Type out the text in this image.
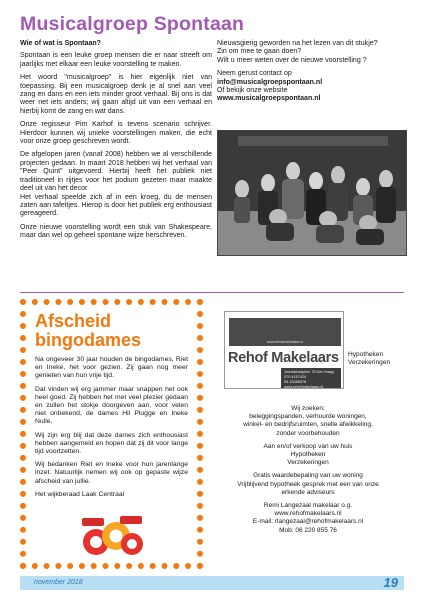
Musicalgroep Spontaan

Wie of wat is Spontaan?

Spontaan is een leuke groep mensen die er naar streeft om jaarlijks met elkaar een leuke voorstelling te maken.

Het woord "musicalgroep" is hier eigenlijk niet van toepassing. Bij een musicalgroep denk je al snel aan veel zang en dans en een iets minder groot verhaal. Bij ons is dat weer net iets anders; wij gaan altijd uit van een verhaal en hierbij komt de zang en wat dans.

Onze regisseur Pim Karhof is tevens scenario schrijver. Hierdoor kunnen wij unieke voorstellingen maken, die echt voor onze groep geschreven wordt.

De afgelopen jaren (vanaf 2008) hebben we al verschillende projecten gedaan. In maart 2018 hebben wij het verhaal van "Peer Quint" uitgevoerd. Hierbij heeft het publiek niet traditioneel in rijtjes voor het podium gezeten maar maakte deel uit van het decor.
Het verhaal speelde zich af in een kroeg, du de mensen zaten aan tafeltjes. Hierop is door het publiek erg enthousiast gereageerd.

Onze nieuwe voorstelling wordt een stuk van Shakespeare, maar dan wel op geheel spontane wijze herschreven.

Nieuwsgierig geworden na het lezen van dit stukje?
Zin om mee te gaan doen?
Wilt u meer weten over de nieuwe voorstelling ?

Neem gerust contact op
info@musicalgroepspontaan.nl
Of bekijk onze website
www.musicalgroepspontaan.nl
Afscheid
bingodames

Na ongeveer 30 jaar houden de bingodames, Riet en Ineke, het voor gezien. Zij gaan nog meer genieten van hun vrije tijd.

Dat vinden wij erg jammer maar snappen het ook heel goed. Zij hebben het met veel plezier gedaan en zullen het stokje doorgeven aan, voor velen niet onbekend, de dames Hil Plugge en Ineke Nulle.

Wij zijn erg blij dat deze dames zich enthousiast hebben aangemeld en hopen dat zij dit voor lange tijd voortzetten.

Wij bedanken Riet en Ineke voor hun jarenlange inzet. Natuurlijk nemen wij ook op gepaste wijze afscheid van jullie.

Het wijkberaad Laak Centraal

www.rehofmakelaars.nl
Rehof Makelaars
Jonckbloetplein 75 Den Haag
070 4157424
06 22085576
www.rehofmakelaars.nl
Hypotheken
Verzekeringen

Wij zoeken:
beleggingspanden, verhuurde woningen,
winkel- en bedrijfsruimten, snelle afwikkeling,
zonder voorbehouden

Aan en/of verkoop van uw huis
Hypotheken
Verzekeringen

Gratis waardebepaling van uw woning
Vrijblijvend hypotheek gesprek met een van onze
erkende adviseurs

Remi Langezaal makelaar o.g.
www.rehofmakelaars.nl
E-mail: rlangezaal@rehofmakelaars.nl
Mob: 06 220 855 76

november 2018	19
